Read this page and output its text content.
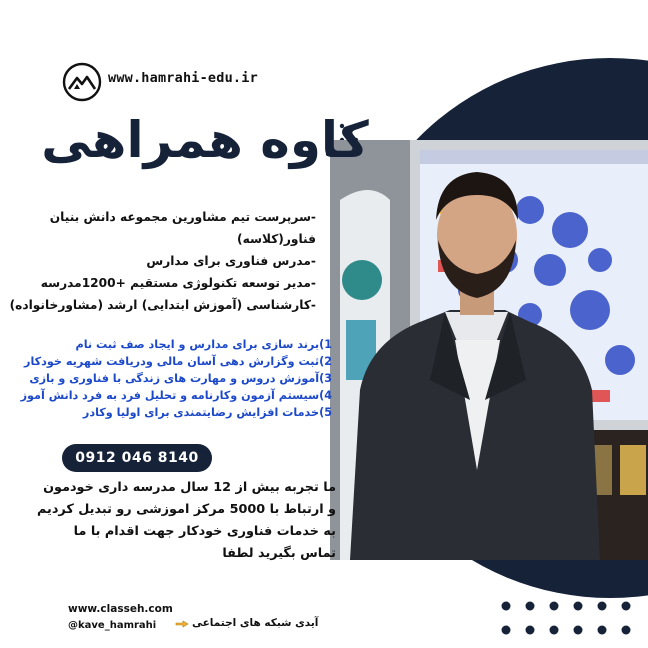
www.hamrahi-edu.ir
کاوه همراهی
-سرپرست تیم مشاورین مجموعه دانش بنیان
فناور(کلاسه)
-مدرس فناوری برای مدارس
-مدیر توسعه تکنولوژی مستقیم +1200مدرسه
-کارشناسی (آموزش ابتدایی) ارشد (مشاورخانواده)
1)برند سازی برای مدارس و ایجاد صف ثبت نام
2)ثبت وگزارش دهی آسان مالی ودریافت شهریه خودکار
3)آموزش دروس و مهارت های زندگی با فناوری و بازی
4)سیستم آزمون وکارنامه و تحلیل فرد به فرد دانش آموز
5)خدمات افزایش رضایتمندی برای اولیا وکادر
0912 046 8140
ما تجربه بیش از 12 سال مدرسه داری خودمون
و ارتباط با 5000 مرکز اموزشی رو تبدیل کردیم
به خدمات فناوری خودکار جهت اقدام با ما
تماس بگیرید لطفا
www.classeh.com
@kave_hamrahi	آیدی شبکه های اجتماعی
